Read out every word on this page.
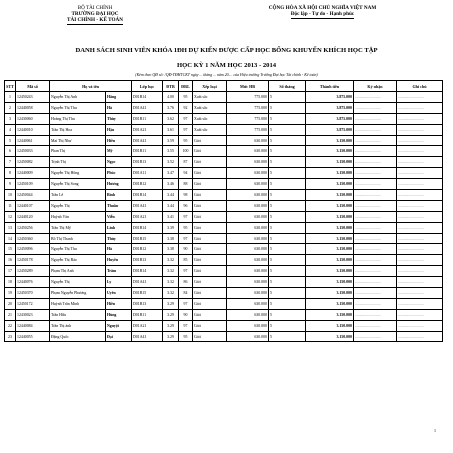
BỘ TÀI CHÍNH
TRƯỜNG ĐẠI HỌC
TÀI CHÍNH - KẾ TOÁN
CỘNG HÒA XÃ HỘI CHỦ NGHĨA VIỆT NAM
Độc lập - Tự do - Hạnh phúc
DANH SÁCH SINH VIÊN KHÓA 1ĐH DỰ KIẾN ĐƯỢC CẤP HỌC BỔNG KHUYẾN KHÍCH HỌC TẬP
HỌC KỲ 1 NĂM HỌC 2013 - 2014
(Kèm theo QĐ số: /QĐ-TĐHTCKT ngày ... tháng ... năm 20.... của Hiệu trưởng Trường Đại học Tài chính - Kế toán)
STT	Mã số	Họ và tên		Lớp học	ĐTB	ĐRL	Xếp loại	Mức HB	Số tháng	Thành tiền	Ký nhận	Ghi chú
1	12450243	Nguyễn Thị Anh	Hằng	D01B14	4.00	95	Xuất sắc	775.000	5	3.875.000	...........................	...........................
2	12440058	Nguyễn Thị Thu	Hà	D01A41	3.76	92	Xuất sắc	775.000	5	3.875.000	...........................	...........................
3	12430060	Hoàng Thị Thu	Thùy	D01B11	3.62	97	Xuất sắc	775.000	5	3.875.000	...........................	...........................
4	12440010	Trần Thị Hoa	Hậu	D01A21	3.61	97	Xuất sắc	775.000	5	3.875.000	...........................	...........................
5	12440061	Mai Thị Như	Hiền	D01A41	3.59	95	Giỏi	630.000	5	3.150.000	...........................	...........................
6	12450033	Phan Thị	Mỹ	D01B11	3.55	100	Giỏi	630.000	5	3.150.000	...........................	...........................
7	12450082	Trịnh Thị	Ngọc	D01B13	3.52	87	Giỏi	630.000	5	3.150.000	...........................	...........................
8	12440009	Nguyễn Thị Hồng	Phúc	D01A11	3.47	94	Giỏi	630.000	5	3.150.000	...........................	...........................
9	12450109	Nguyễn Thị Song	Hương	D01B12	3.46	88	Giỏi	630.000	5	3.150.000	...........................	...........................
10	12450044	Trần Lê	Bình	D01B14	3.44	98	Giỏi	630.000	5	3.150.000	...........................	...........................
11	12440107	Nguyễn Thị	Thuần	D01A41	3.44	96	Giỏi	630.000	5	3.150.000	...........................	...........................
12	12440120	Huỳnh Văn	Viễn	D01A21	3.41	97	Giỏi	630.000	5	3.150.000	...........................	...........................
13	12450256	Trần Thị Mỹ	Linh	D01B14	3.39	95	Giỏi	630.000	5	3.150.000	...........................	...........................
14	12450360	Bồ Thị Thanh	Thủy	D01B15	3.38	97	Giỏi	630.000	5	3.150.000	...........................	...........................
15	12450096	Nguyễn Thị Thu	Hà	D01B12	3.38	90	Giỏi	630.000	5	3.150.000	...........................	...........................
16	12450178	Nguyễn Thị Bảo	Huyền	D01B13	3.32	85	Giỏi	630.000	5	3.150.000	...........................	...........................
17	12450289	Phạm Thị Anh	Trâm	D01B14	3.32	97	Giỏi	630.000	5	3.150.000	...........................	...........................
18	12440076	Nguyễn Thị	Ly	D01A41	3.32	86	Giỏi	630.000	5	3.150.000	...........................	...........................
19	12450370	Phạm Nguyễn Phương	Uyên	D01B15	3.32	84	Giỏi	630.000	5	3.150.000	...........................	...........................
20	12450172	Huỳnh Trần Minh	Hiền	D01B13	3.29	97	Giỏi	630.000	5	3.150.000	...........................	...........................
21	12430023	Trần Hữu	Hùng	D01B11	3.29	90	Giỏi	630.000	5	3.150.000	...........................	...........................
22	12440084	Trần Thị ánh	Nguyệt	D01A21	3.29	97	Giỏi	630.000	5	3.150.000	...........................	...........................
23	12440055	Đặng Quốc	Đại	D01A41	3.29	95	Giỏi	630.000	5	3.150.000	...........................	...........................
1
